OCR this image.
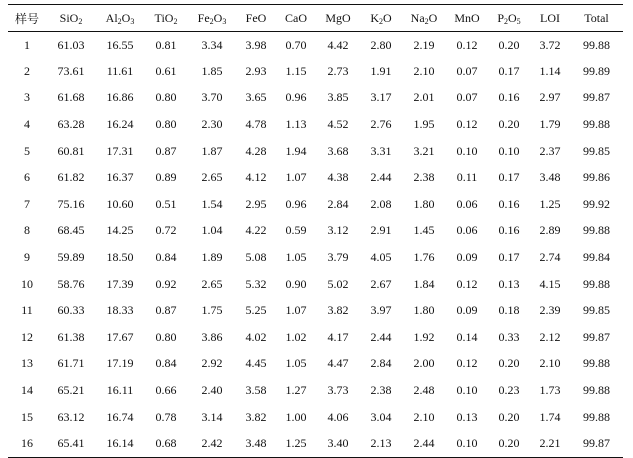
样号	SiO$_2$	$Al_2O_3$	TiO$_2$	$Fe_2O_3$	FeO	CaO	MgO	$K_2O$	$Na_2O$	MnO	$P_2O_5$	LOI	Total
1	61.03	16.55	0.81	3.34	3.98	0.70	4.42	2.80	2.19	0.12	0.20	3.72	99.88
2	73.61	11.61	0.61	1.85	2.93	1.15	2.73	1.91	2.10	0.07	0.17	1.14	99.89
3	61.68	16.86	0.80	3.70	3.65	0.96	3.85	3.17	2.01	0.07	0.16	2.97	99.87
4	63.28	16.24	0.80	2.30	4.78	1.13	4.52	2.76	1.95	0.12	0.20	1.79	99.88
5	60.81	17.31	0.87	1.87	4.28	1.94	3.68	3.31	3.21	0.10	0.10	2.37	99.85
6	61.82	16.37	0.89	2.65	4.12	1.07	4.38	2.44	2.38	0.11	0.17	3.48	99.86
7	75.16	10.60	0.51	1.54	2.95	0.96	2.84	2.08	1.80	0.06	0.16	1.25	99.92
8	68.45	14.25	0.72	1.04	4.22	0.59	3.12	2.91	1.45	0.06	0.16	2.89	99.88
9	59.89	18.50	0.84	1.89	5.08	1.05	3.79	4.05	1.76	0.09	0.17	2.74	99.84
10	58.76	17.39	0.92	2.65	5.32	0.90	5.02	2.67	1.84	0.12	0.13	4.15	99.88
11	60.33	18.33	0.87	1.75	5.25	1.07	3.82	3.97	1.80	0.09	0.18	2.39	99.85
12	61.38	17.67	0.80	3.86	4.02	1.02	4.17	2.44	1.92	0.14	0.33	2.12	99.87
13	61.71	17.19	0.84	2.92	4.45	1.05	4.47	2.84	2.00	0.12	0.20	2.10	99.88
14	65.21	16.11	0.66	2.40	3.58	1.27	3.73	2.38	2.48	0.10	0.23	1.73	99.88
15	63.12	16.74	0.78	3.14	3.82	1.00	4.06	3.04	2.10	0.13	0.20	1.74	99.88
16	65.41	16.14	0.68	2.42	3.48	1.25	3.40	2.13	2.44	0.10	0.20	2.21	99.87
